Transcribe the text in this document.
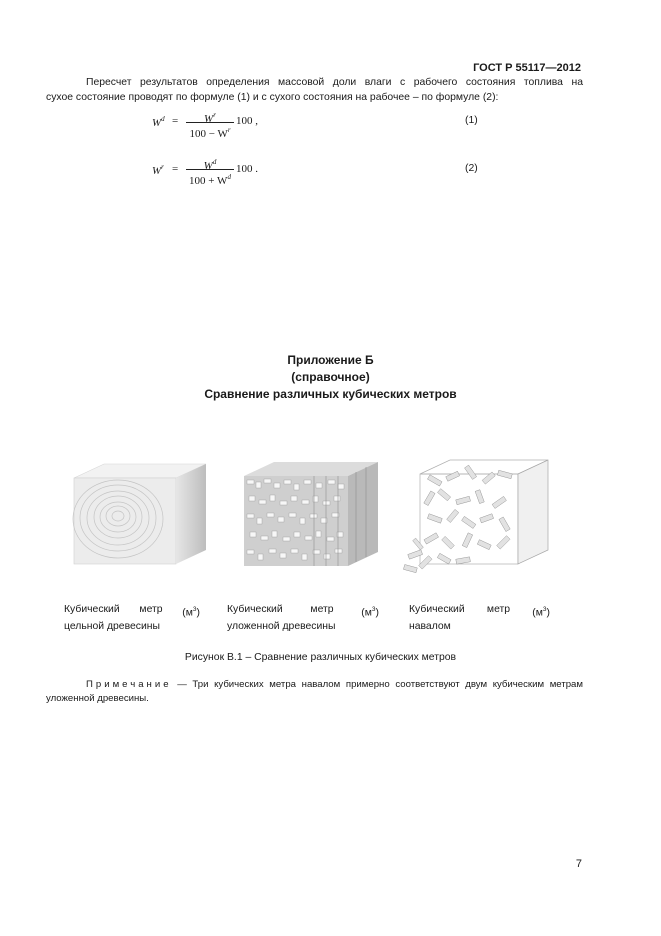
ГОСТ Р 55117—2012
Пересчет результатов определения массовой доли влаги с рабочего состояния топлива на
сухое состояние проводят по формуле (1) и с сухого состояния на рабочее – по формуле (2):
$W^d$ =	$W^r$
$100 - W^r$
100 ,	(1)
$W^r$ =	$W^d$
$100 + W^d$
100 .	(2)
Приложение Б
(справочное)
Сравнение различных кубических метров
Кубический метр $(м^3)$
цельной древесины
Кубический	метр	$(м^3)$
уложенной древесины
Кубический метр $(м^3)$
навалом
Рисунок В.1 – Сравнение различных кубических метров
Примечание — Три кубических метра навалом примерно соответствуют двум кубическим метрам
уложенной древесины.
7
